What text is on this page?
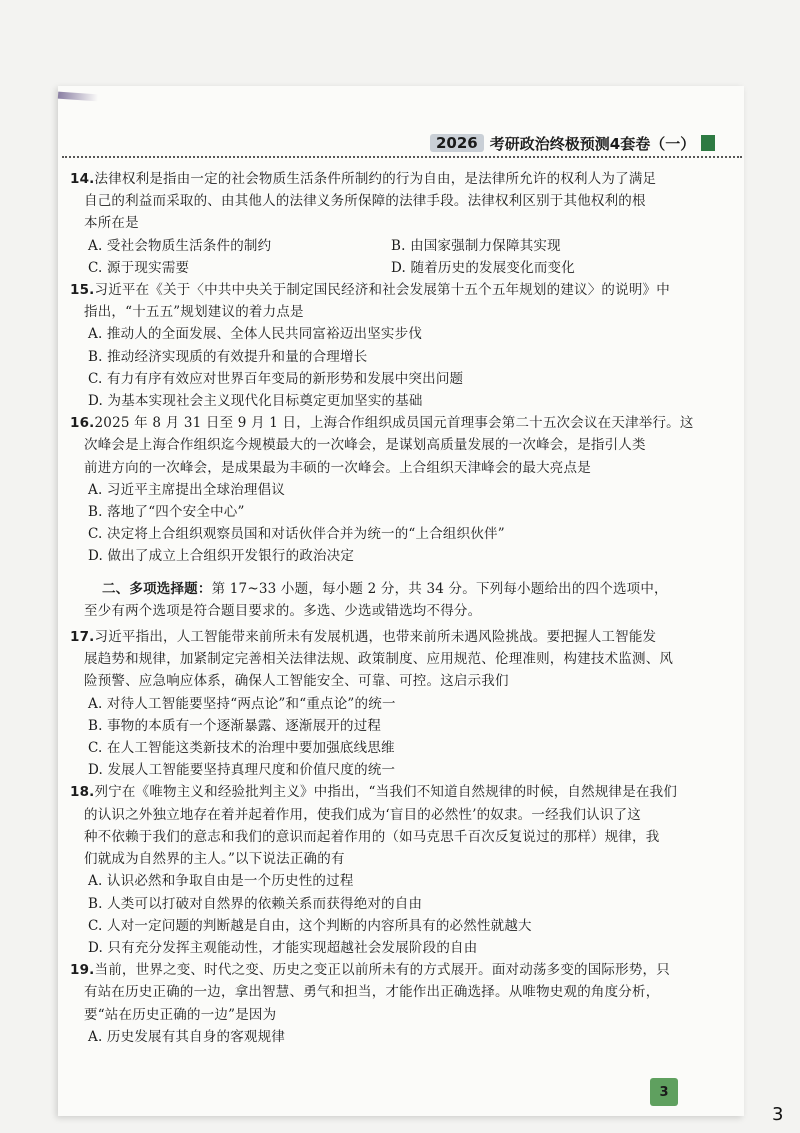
2026 考研政治终极预测4套卷（一）

14.法律权利是指由一定的社会物质生活条件所制约的行为自由，是法律所允许的权利人为了满足

自己的利益而采取的、由其他人的法律义务所保障的法律手段。法律权利区别于其他权利的根

本所在是

A. 受社会物质生活条件的制约	B. 由国家强制力保障其实现
C. 源于现实需要	D. 随着历史的发展变化而变化

15.习近平在《关于〈中共中央关于制定国民经济和社会发展第十五个五年规划的建议〉的说明》中

指出，“十五五”规划建议的着力点是

A. 推动人的全面发展、全体人民共同富裕迈出坚实步伐

B. 推动经济实现质的有效提升和量的合理增长

C. 有力有序有效应对世界百年变局的新形势和发展中突出问题

D. 为基本实现社会主义现代化目标奠定更加坚实的基础

16.2025 年 8 月 31 日至 9 月 1 日，上海合作组织成员国元首理事会第二十五次会议在天津举行。这

次峰会是上海合作组织迄今规模最大的一次峰会，是谋划高质量发展的一次峰会，是指引人类

前进方向的一次峰会，是成果最为丰硕的一次峰会。上合组织天津峰会的最大亮点是

A. 习近平主席提出全球治理倡议

B. 落地了“四个安全中心”

C. 决定将上合组织观察员国和对话伙伴合并为统一的“上合组织伙伴”

D. 做出了成立上合组织开发银行的政治决定

二、多项选择题：第 17~33 小题，每小题 2 分，共 34 分。下列每小题给出的四个选项中，

至少有两个选项是符合题目要求的。多选、少选或错选均不得分。

17.习近平指出，人工智能带来前所未有发展机遇，也带来前所未遇风险挑战。要把握人工智能发

展趋势和规律，加紧制定完善相关法律法规、政策制度、应用规范、伦理准则，构建技术监测、风

险预警、应急响应体系，确保人工智能安全、可靠、可控。这启示我们

A. 对待人工智能要坚持“两点论”和“重点论”的统一

B. 事物的本质有一个逐渐暴露、逐渐展开的过程

C. 在人工智能这类新技术的治理中要加强底线思维

D. 发展人工智能要坚持真理尺度和价值尺度的统一

18.列宁在《唯物主义和经验批判主义》中指出，“当我们不知道自然规律的时候，自然规律是在我们

的认识之外独立地存在着并起着作用，使我们成为‘盲目的必然性’的奴隶。一经我们认识了这

种不依赖于我们的意志和我们的意识而起着作用的（如马克思千百次反复说过的那样）规律，我

们就成为自然界的主人。”以下说法正确的有

A. 认识必然和争取自由是一个历史性的过程

B. 人类可以打破对自然界的依赖关系而获得绝对的自由

C. 人对一定问题的判断越是自由，这个判断的内容所具有的必然性就越大

D. 只有充分发挥主观能动性，才能实现超越社会发展阶段的自由

19.当前，世界之变、时代之变、历史之变正以前所未有的方式展开。面对动荡多变的国际形势，只

有站在历史正确的一边，拿出智慧、勇气和担当，才能作出正确选择。从唯物史观的角度分析，

要“站在历史正确的一边”是因为

A. 历史发展有其自身的客观规律

3
3
